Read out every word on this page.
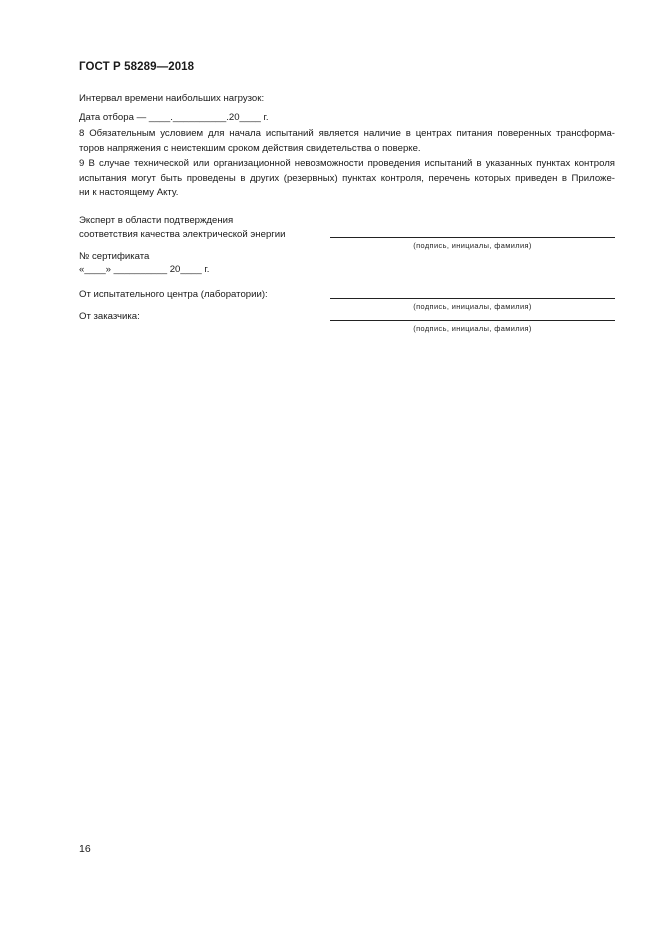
ГОСТ Р 58289—2018
Интервал времени наибольших нагрузок:
Дата отбора — ____.__________.20____ г.
8 Обязательным условием для начала испытаний является наличие в центрах питания поверенных трансформа-
торов напряжения с неистекшим сроком действия свидетельства о поверке.
9 В случае технической или организационной невозможности проведения испытаний в указанных пунктах контроля
испытания могут быть проведены в других (резервных) пунктах контроля, перечень которых приведен в Приложе-
ни к настоящему Акту.
Эксперт в области подтверждения
соответствия качества электрической энергии
(подпись, инициалы, фамилия)
№ сертификата
«____» __________ 20____ г.
От испытательного центра (лаборатории):
(подпись, инициалы, фамилия)
От заказчика:
(подпись, инициалы, фамилия)
16
